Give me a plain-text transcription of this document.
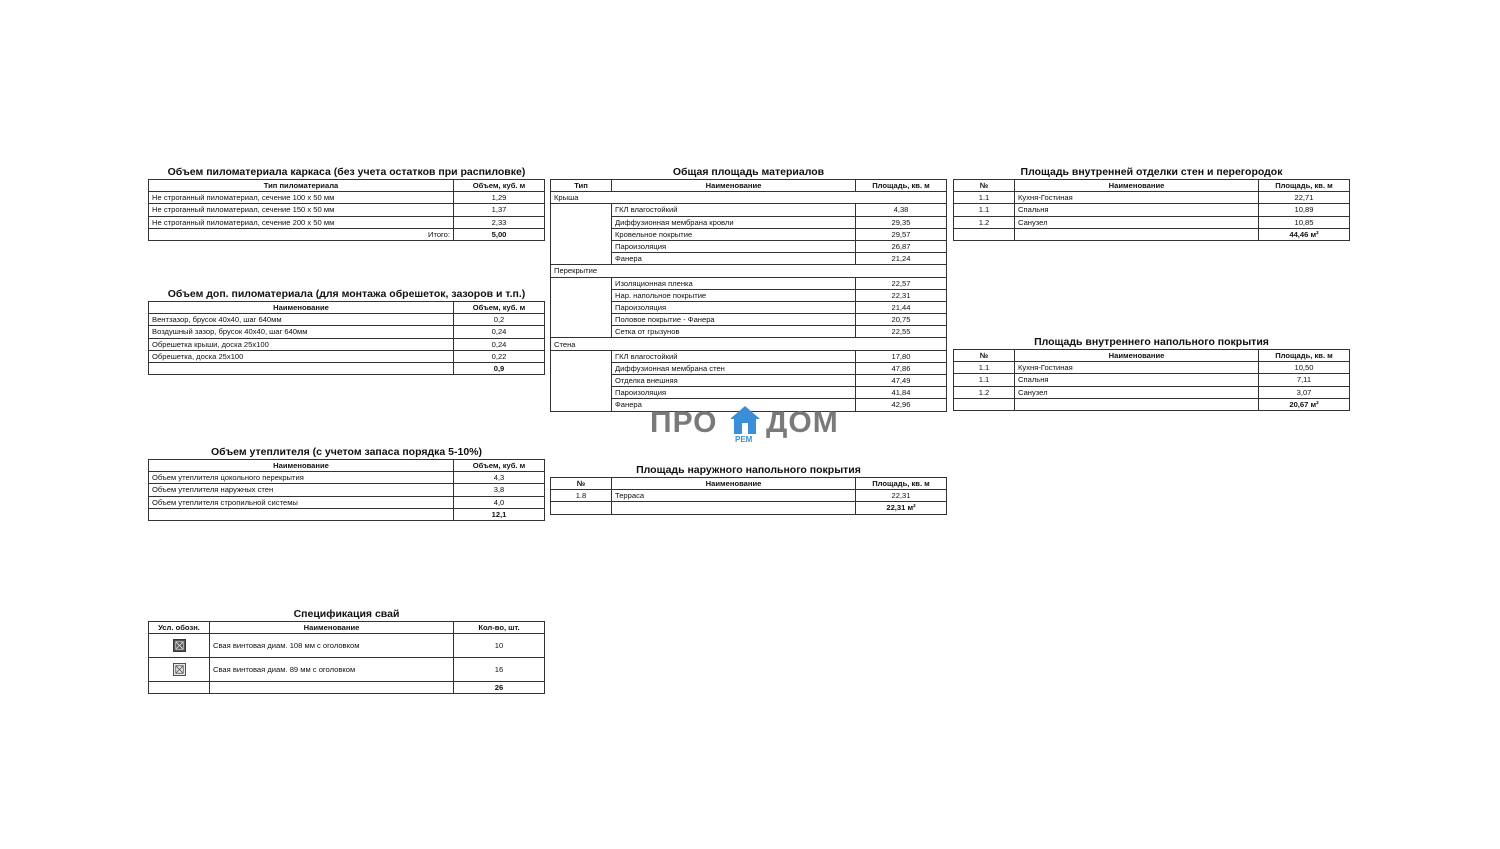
Объем пиломатериала каркаса (без учета остатков при распиловке)
Тип пиломатериала	Объем, куб. м
Не строганный пиломатериал, сечение 100 х 50 мм	1,29
Не строганный пиломатериал, сечение 150 х 50 мм	1,37
Не строганный пиломатериал, сечение 200 х 50 мм	2,33
Итого:	5,00
Объем доп. пиломатериала (для монтажа обрешеток, зазоров и т.п.)
Наименование	Объем, куб. м
Вентзазор, брусок 40х40, шаг 640мм	0,2
Воздушный зазор, брусок 40х40, шаг 640мм	0,24
Обрешетка крыши, доска 25х100	0,24
Обрешетка, доска 25х100	0,22
	0,9
Объем утеплителя (с учетом запаса порядка 5-10%)
Наименование	Объем, куб. м
Объем утеплителя цокольного перекрытия	4,3
Объем утеплителя наружных стен	3,8
Объем утеплителя стропильной системы	4,0
	12,1
Спецификация свай
Усл. обозн.	Наименование	Кол-во, шт.
	Свая винтовая диам. 108 мм с оголовком	10
	Свая винтовая диам. 89 мм с оголовком	16
		26
Общая площадь материалов
Тип	Наименование	Площадь, кв. м
Крыша		
	ГКЛ влагостойкий	4,38
	Диффузионная мембрана кровли	29,35
	Кровельное покрытие	29,57
	Пароизоляция	26,87
	Фанера	21,24
Перекрытие		
	Изоляционная пленка	22,57
	Нар. напольное покрытие	22,31
	Пароизоляция	21,44
	Половое покрытие - Фанера	20,75
	Сетка от грызунов	22,55
Стена		
	ГКЛ влагостойкий	17,80
	Диффузионная мембрана стен	47,86
	Отделка внешняя	47,49
	Пароизоляция	41,84
	Фанера	42,96
ПРО
РЕМ
ДОМ
Площадь наружного напольного покрытия
№	Наименование	Площадь, кв. м
1.8	Терраса	22,31
		22,31 м²
Площадь внутренней отделки стен и перегородок
№	Наименование	Площадь, кв. м
1.1	Кухня-Гостиная	22,71
1.1	Спальня	10,89
1.2	Санузел	10,85
		44,46 м²
Площадь внутреннего напольного покрытия
№	Наименование	Площадь, кв. м
1.1	Кухня-Гостиная	10,50
1.1	Спальня	7,11
1.2	Санузел	3,07
		20,67 м²
